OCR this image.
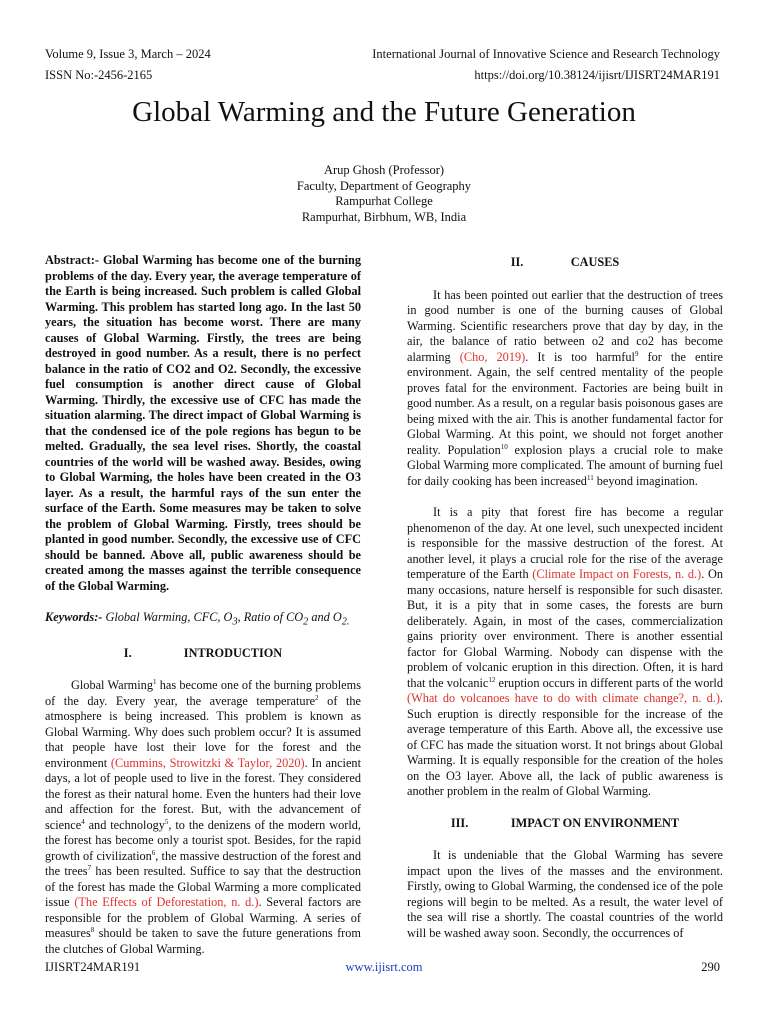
Volume 9, Issue 3, March – 2024	International Journal of Innovative Science and Research Technology
ISSN No:-2456-2165	https://doi.org/10.38124/ijisrt/IJISRT24MAR191
Global Warming and the Future Generation
Arup Ghosh (Professor)
Faculty, Department of Geography
Rampurhat College
Rampurhat, Birbhum, WB, India

Abstract:- Global Warming has become one of the burning problems of the day. Every year, the average temperature of the Earth is being increased. Such problem is called Global Warming. This problem has started long ago. In the last 50 years, the situation has become worst. There are many causes of Global Warming. Firstly, the trees are being destroyed in good number. As a result, there is no perfect balance in the ratio of CO2 and O2. Secondly, the excessive fuel consumption is another direct cause of Global Warming. Thirdly, the excessive use of CFC has made the situation alarming. The direct impact of Global Warming is that the condensed ice of the pole regions has begun to be melted. Gradually, the sea level rises. Shortly, the coastal countries of the world will be washed away. Besides, owing to Global Warming, the holes have been created in the O3 layer. As a result, the harmful rays of the sun enter the surface of the Earth. Some measures may be taken to solve the problem of Global Warming. Firstly, trees should be planted in good number. Secondly, the excessive use of CFC should be banned. Above all, public awareness should be created among the masses against the terrible consequence of the Global Warming.

Keywords:- Global Warming, CFC, $O_3$, Ratio of $CO_2$ and $O_{2.}$

I.	INTRODUCTION

Global Warming$^1$ has become one of the burning problems of the day. Every year, the average temperature$^2$ of the atmosphere is being increased. This problem is known as Global Warming. Why does such problem occur? It is assumed that people have lost their love for the forest and the environment (Cummins, Strowitzki & Taylor, 2020). In ancient days, a lot of people used to live in the forest. They considered the forest as their natural home. Even the hunters had their love and affection for the forest. But, with the advancement of science$^4$ and technology$^5$, to the denizens of the modern world, the forest has become only a tourist spot. Besides, for the rapid growth of civilization$^6$, the massive destruction of the forest and the trees$^7$ has been resulted. Suffice to say that the destruction of the forest has made the Global Warming a more complicated issue (The Effects of Deforestation, n. d.). Several factors are responsible for the problem of Global Warming. A series of measures$^8$ should be taken to save the future generations from the clutches of Global Warming.

II.	CAUSES

It has been pointed out earlier that the destruction of trees in good number is one of the burning causes of Global Warming. Scientific researchers prove that day by day, in the air, the balance of ratio between o2 and co2 has become alarming (Cho, 2019). It is too harmful$^9$ for the entire environment. Again, the self centred mentality of the people proves fatal for the environment. Factories are being built in good number. As a result, on a regular basis poisonous gases are being mixed with the air. This is another fundamental factor for Global Warming. At this point, we should not forget another reality. Population$^{10}$ explosion plays a crucial role to make Global Warming more complicated. The amount of burning fuel for daily cooking has been increased$^{11}$ beyond imagination.

It is a pity that forest fire has become a regular phenomenon of the day. At one level, such unexpected incident is responsible for the massive destruction of the forest. At another level, it plays a crucial role for the rise of the average temperature of the Earth (Climate Impact on Forests, n. d.). On many occasions, nature herself is responsible for such disaster. But, it is a pity that in some cases, the forests are burn deliberately. Again, in most of the cases, commercialization gains priority over environment. There is another essential factor for Global Warming. Nobody can dispense with the problem of volcanic eruption in this direction. Often, it is hard that the volcanic$^{12}$ eruption occurs in different parts of the world (What do volcanoes have to do with climate change?, n. d.). Such eruption is directly responsible for the increase of the average temperature of this Earth. Above all, the excessive use of CFC has made the situation worst. It not brings about Global Warming. It is equally responsible for the creation of the holes on the O3 layer. Above all, the lack of public awareness is another problem in the realm of Global Warming.

III.	IMPACT ON ENVIRONMENT

It is undeniable that the Global Warming has severe impact upon the lives of the masses and the environment. Firstly, owing to Global Warming, the condensed ice of the pole regions will begin to be melted. As a result, the water level of the sea will rise a shortly. The coastal countries of the world will be washed away soon. Secondly, the occurrences of

IJISRT24MAR191	www.ijisrt.com	290
